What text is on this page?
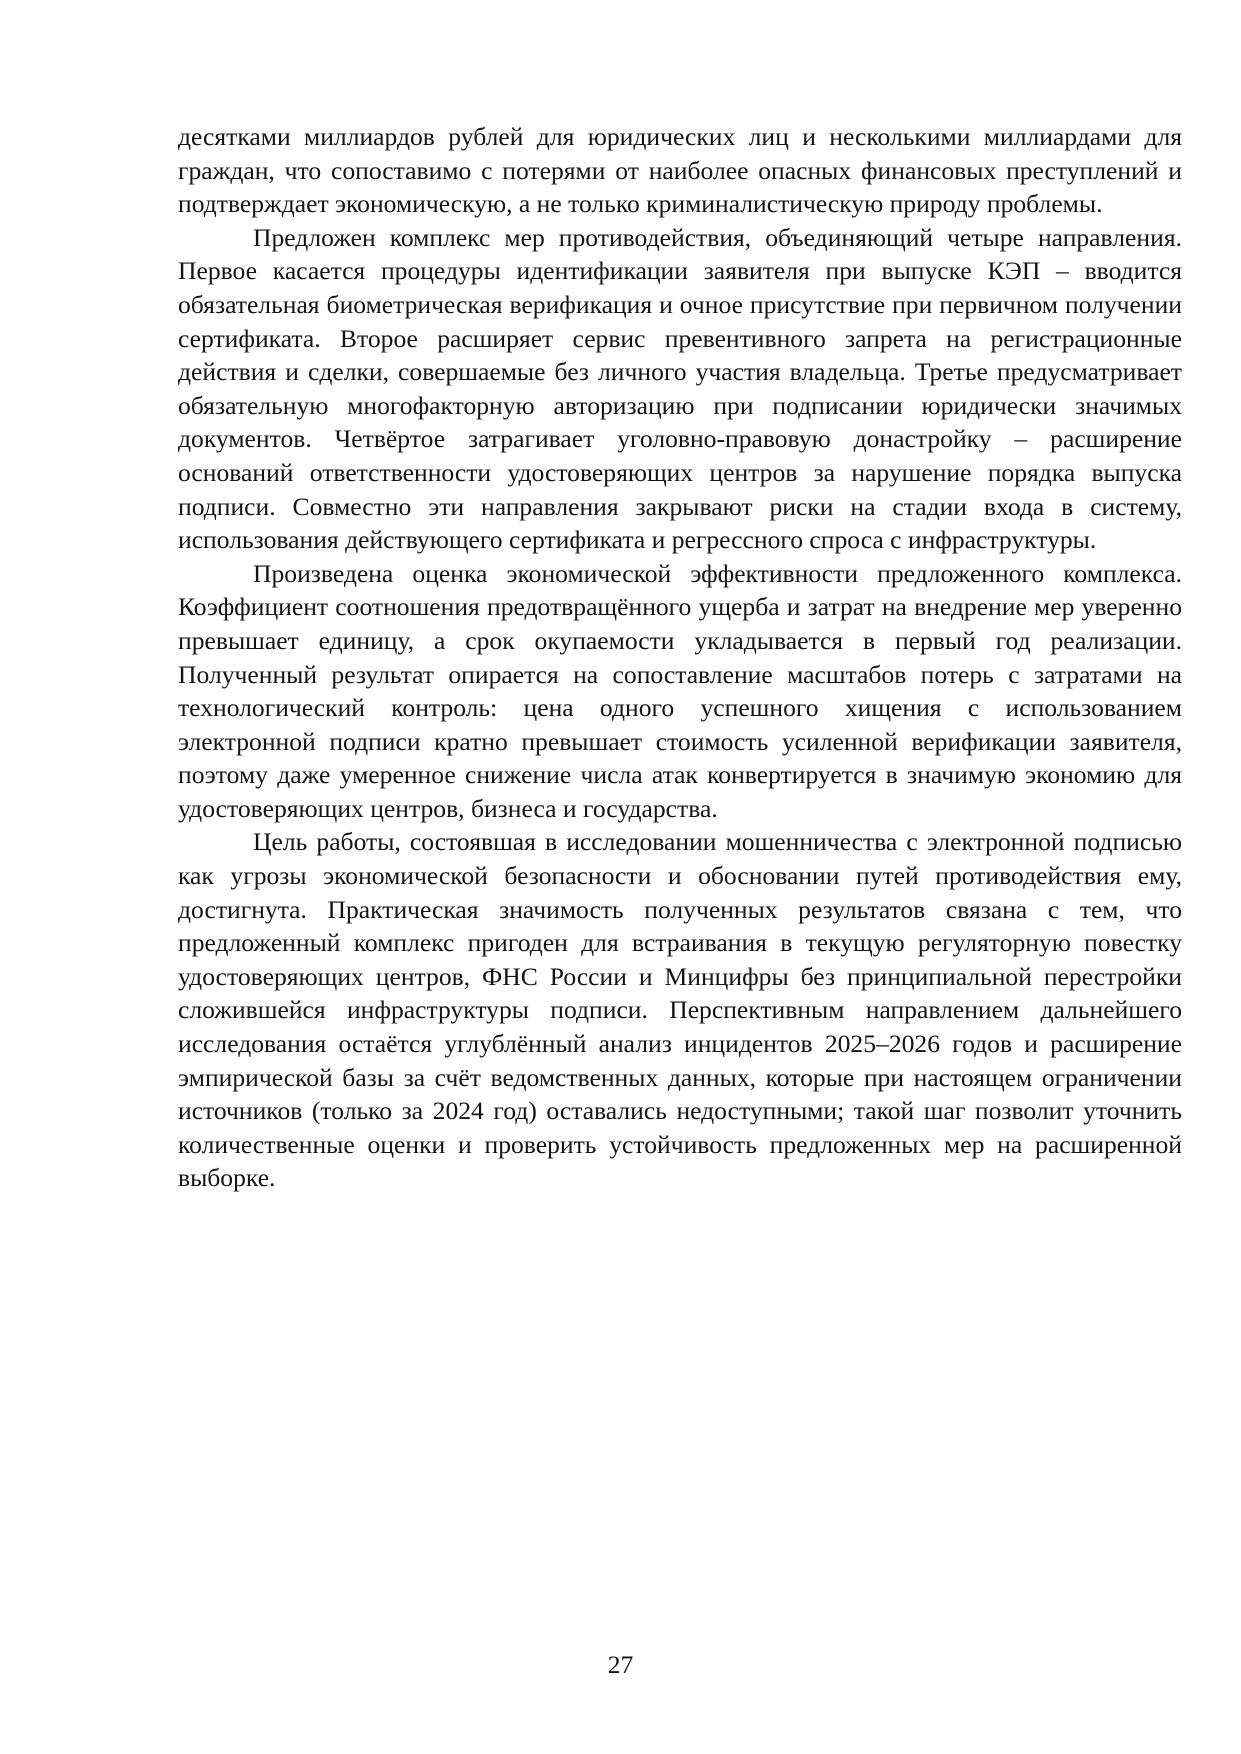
десятками миллиардов рублей для юридических лиц и несколькими миллиардами для граждан, что сопоставимо с потерями от наиболее опасных финансовых преступлений и подтверждает экономическую, а не только криминалистическую природу проблемы.

Предложен комплекс мер противодействия, объединяющий четыре направления. Первое касается процедуры идентификации заявителя при выпуске КЭП – вводится обязательная биометрическая верификация и очное присутствие при первичном получении сертификата. Второе расширяет сервис превентивного запрета на регистрационные действия и сделки, совершаемые без личного участия владельца. Третье предусматривает обязательную многофакторную авторизацию при подписании юридически значимых документов. Четвёртое затрагивает уголовно-правовую донастройку – расширение оснований ответственности удостоверяющих центров за нарушение порядка выпуска подписи. Совместно эти направления закрывают риски на стадии входа в систему, использования действующего сертификата и регрессного спроса с инфраструктуры.

Произведена оценка экономической эффективности предложенного комплекса. Коэффициент соотношения предотвращённого ущерба и затрат на внедрение мер уверенно превышает единицу, а срок окупаемости укладывается в первый год реализации. Полученный результат опирается на сопоставление масштабов потерь с затратами на технологический контроль: цена одного успешного хищения с использованием электронной подписи кратно превышает стоимость усиленной верификации заявителя, поэтому даже умеренное снижение числа атак конвертируется в значимую экономию для удостоверяющих центров, бизнеса и государства.

Цель работы, состоявшая в исследовании мошенничества с электронной подписью как угрозы экономической безопасности и обосновании путей противодействия ему, достигнута. Практическая значимость полученных результатов связана с тем, что предложенный комплекс пригоден для встраивания в текущую регуляторную повестку удостоверяющих центров, ФНС России и Минцифры без принципиальной перестройки сложившейся инфраструктуры подписи. Перспективным направлением дальнейшего исследования остаётся углублённый анализ инцидентов 2025–2026 годов и расширение эмпирической базы за счёт ведомственных данных, которые при настоящем ограничении источников (только за 2024 год) оставались недоступными; такой шаг позволит уточнить количественные оценки и проверить устойчивость предложенных мер на расширенной выборке.

27
